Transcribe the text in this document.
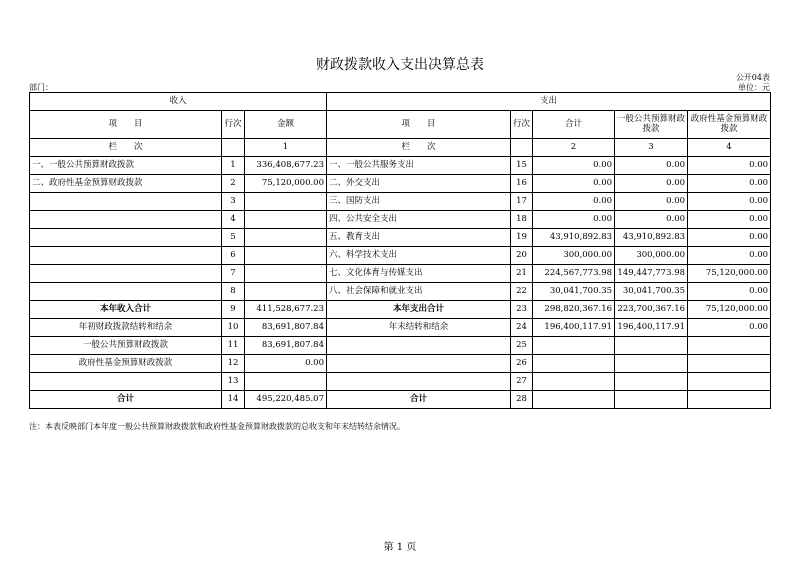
财政拨款收入支出决算总表
公开04表
单位：元
部门：
收入			支出				
项　　目	行次	金额	项　　目	行次	合计	一般公共预算财政拨款	政府性基金预算财政拨款
栏　　次		1	栏　　次		2	3	4
一、一般公共预算财政拨款	1	336,408,677.23	一、一般公共服务支出	15	0.00	0.00	0.00
二、政府性基金预算财政拨款	2	75,120,000.00	二、外交支出	16	0.00	0.00	0.00
	3		三、国防支出	17	0.00	0.00	0.00
	4		四、公共安全支出	18	0.00	0.00	0.00
	5		五、教育支出	19	43,910,892.83	43,910,892.83	0.00
	6		六、科学技术支出	20	300,000.00	300,000.00	0.00
	7		七、文化体育与传媒支出	21	224,567,773.98	149,447,773.98	75,120,000.00
	8		八、社会保障和就业支出	22	30,041,700.35	30,041,700.35	0.00
本年收入合计	9	411,528,677.23	本年支出合计	23	298,820,367.16	223,700,367.16	75,120,000.00
年初财政拨款结转和结余	10	83,691,807.84	年末结转和结余	24	196,400,117.91	196,400,117.91	0.00
一般公共预算财政拨款	11	83,691,807.84		25			
政府性基金预算财政拨款	12	0.00		26			
	13			27			
合计	14	495,220,485.07	合计	28			
注：本表反映部门本年度一般公共预算财政拨款和政府性基金预算财政拨款的总收支和年末结转结余情况。
第 1 页
